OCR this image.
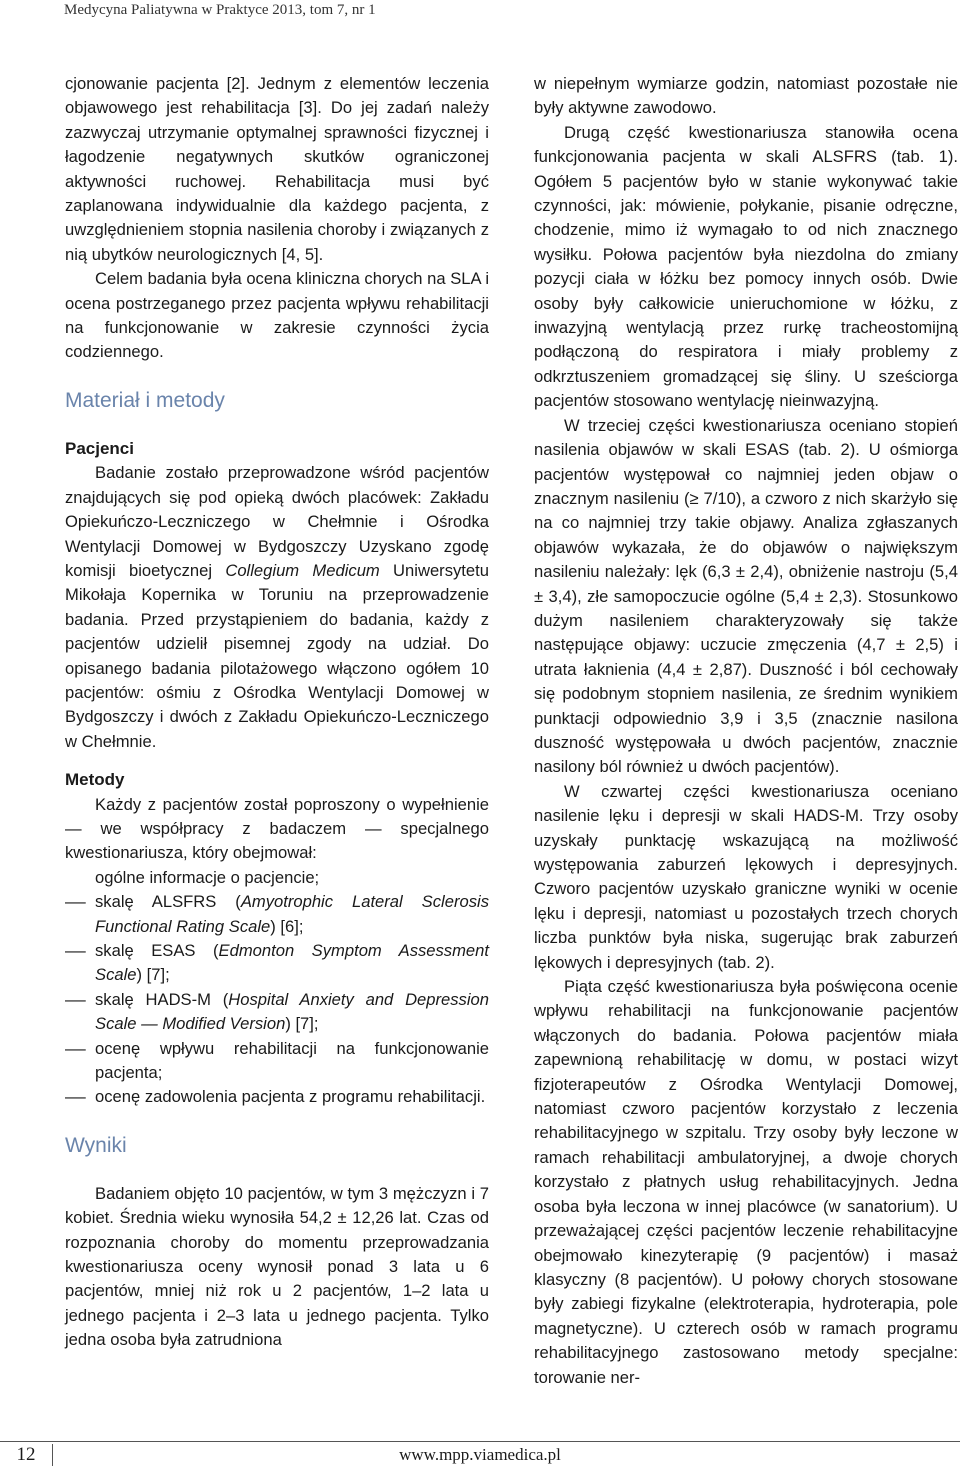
Medycyna Paliatywna w Praktyce 2013, tom 7, nr 1

cjonowanie pacjenta [2]. Jednym z elementów leczenia objawowego jest rehabilitacja [3]. Do jej zadań należy zazwyczaj utrzymanie optymalnej sprawności fizycznej i łagodzenie negatywnych skutków ograniczonej aktywności ruchowej. Rehabilitacja musi być zaplanowana indywidualnie dla każdego pacjenta, z uwzględnieniem stopnia nasilenia choroby i związanych z nią ubytków neurologicznych [4, 5].

Celem badania była ocena kliniczna chorych na SLA i ocena postrzeganego przez pacjenta wpływu rehabilitacji na funkcjonowanie w zakresie czynności życia codziennego.

Materiał i metody
Pacjenci

Badanie zostało przeprowadzone wśród pacjentów znajdujących się pod opieką dwóch placówek: Zakładu Opiekuńczo-Leczniczego w Chełmnie i Ośrodka Wentylacji Domowej w Bydgoszczy Uzyskano zgodę komisji bioetycznej Collegium Medicum Uniwersytetu Mikołaja Kopernika w Toruniu na przeprowadzenie badania. Przed przystąpieniem do badania, każdy z pacjentów udzielił pisemnej zgody na udział. Do opisanego badania pilotażowego włączono ogółem 10 pacjentów: ośmiu z Ośrodka Wentylacji Domowej w Bydgoszczy i dwóch z Zakładu Opiekuńczo-Leczniczego w Chełmnie.

Metody

Każdy z pacjentów został poproszony o wypełnienie — we współpracy z badaczem — specjalnego kwestionariusza, który obejmował:

ogólne informacje o pacjencie;
— skalę ALSFRS (Amyotrophic Lateral Sclerosis Functional Rating Scale) [6];
— skalę ESAS (Edmonton Symptom Assessment Scale) [7];
— skalę HADS-M (Hospital Anxiety and Depression Scale — Modified Version) [7];
— ocenę wpływu rehabilitacji na funkcjonowanie pacjenta;
— ocenę zadowolenia pacjenta z programu rehabilitacji.
Wyniki

Badaniem objęto 10 pacjentów, w tym 3 mężczyzn i 7 kobiet. Średnia wieku wynosiła 54,2 ± 12,26 lat. Czas od rozpoznania choroby do momentu przeprowadzania kwestionariusza oceny wynosił ponad 3 lata u 6 pacjentów, mniej niż rok u 2 pacjentów, 1–2 lata u jednego pacjenta i 2–3 lata u jednego pacjenta. Tylko jedna osoba była zatrudniona

w niepełnym wymiarze godzin, natomiast pozostałe nie były aktywne zawodowo.

Drugą część kwestionariusza stanowiła ocena funkcjonowania pacjenta w skali ALSFRS (tab. 1). Ogółem 5 pacjentów było w stanie wykonywać takie czynności, jak: mówienie, połykanie, pisanie odręczne, chodzenie, mimo iż wymagało to od nich znacznego wysiłku. Połowa pacjentów była niezdolna do zmiany pozycji ciała w łóżku bez pomocy innych osób. Dwie osoby były całkowicie unieruchomione w łóżku, z inwazyjną wentylacją przez rurkę tracheostomijną podłączoną do respiratora i miały problemy z odkrztuszeniem gromadzącej się śliny. U sześciorga pacjentów stosowano wentylację nieinwazyjną.

W trzeciej części kwestionariusza oceniano stopień nasilenia objawów w skali ESAS (tab. 2). U ośmiorga pacjentów występował co najmniej jeden objaw o znacznym nasileniu (≥ 7/10), a czworo z nich skarżyło się na co najmniej trzy takie objawy. Analiza zgłaszanych objawów wykazała, że do objawów o największym nasileniu należały: lęk (6,3 ± 2,4), obniżenie nastroju (5,4 ± 3,4), złe samopoczucie ogólne (5,4 ± 2,3). Stosunkowo dużym nasileniem charakteryzowały się także następujące objawy: uczucie zmęczenia (4,7 ± 2,5) i utrata łaknienia (4,4 ± 2,87). Duszność i ból cechowały się podobnym stopniem nasilenia, ze średnim wynikiem punktacji odpowiednio 3,9 i 3,5 (znacznie nasilona duszność występowała u dwóch pacjentów, znacznie nasilony ból również u dwóch pacjentów).

W czwartej części kwestionariusza oceniano nasilenie lęku i depresji w skali HADS-M. Trzy osoby uzyskały punktację wskazującą na możliwość występowania zaburzeń lękowych i depresyjnych. Czworo pacjentów uzyskało graniczne wyniki w ocenie lęku i depresji, natomiast u pozostałych trzech chorych liczba punktów była niska, sugerując brak zaburzeń lękowych i depresyjnych (tab. 2).

Piąta część kwestionariusza była poświęcona ocenie wpływu rehabilitacji na funkcjonowanie pacjentów włączonych do badania. Połowa pacjentów miała zapewnioną rehabilitację w domu, w postaci wizyt fizjoterapeutów z Ośrodka Wentylacji Domowej, natomiast czworo pacjentów korzystało z leczenia rehabilitacyjnego w szpitalu. Trzy osoby były leczone w ramach rehabilitacji ambulatoryjnej, a dwoje chorych korzystało z płatnych usług rehabilitacyjnych. Jedna osoba była leczona w innej placówce (w sanatorium). U przeważającej części pacjentów leczenie rehabilitacyjne obejmowało kinezyterapię (9 pacjentów) i masaż klasyczny (8 pacjentów). U połowy chorych stosowane były zabiegi fizykalne (elektroterapia, hydroterapia, pole magnetyczne). U czterech osób w ramach programu rehabilitacyjnego zastosowano metody specjalne: torowanie ner-

12	www.mpp.viamedica.pl
